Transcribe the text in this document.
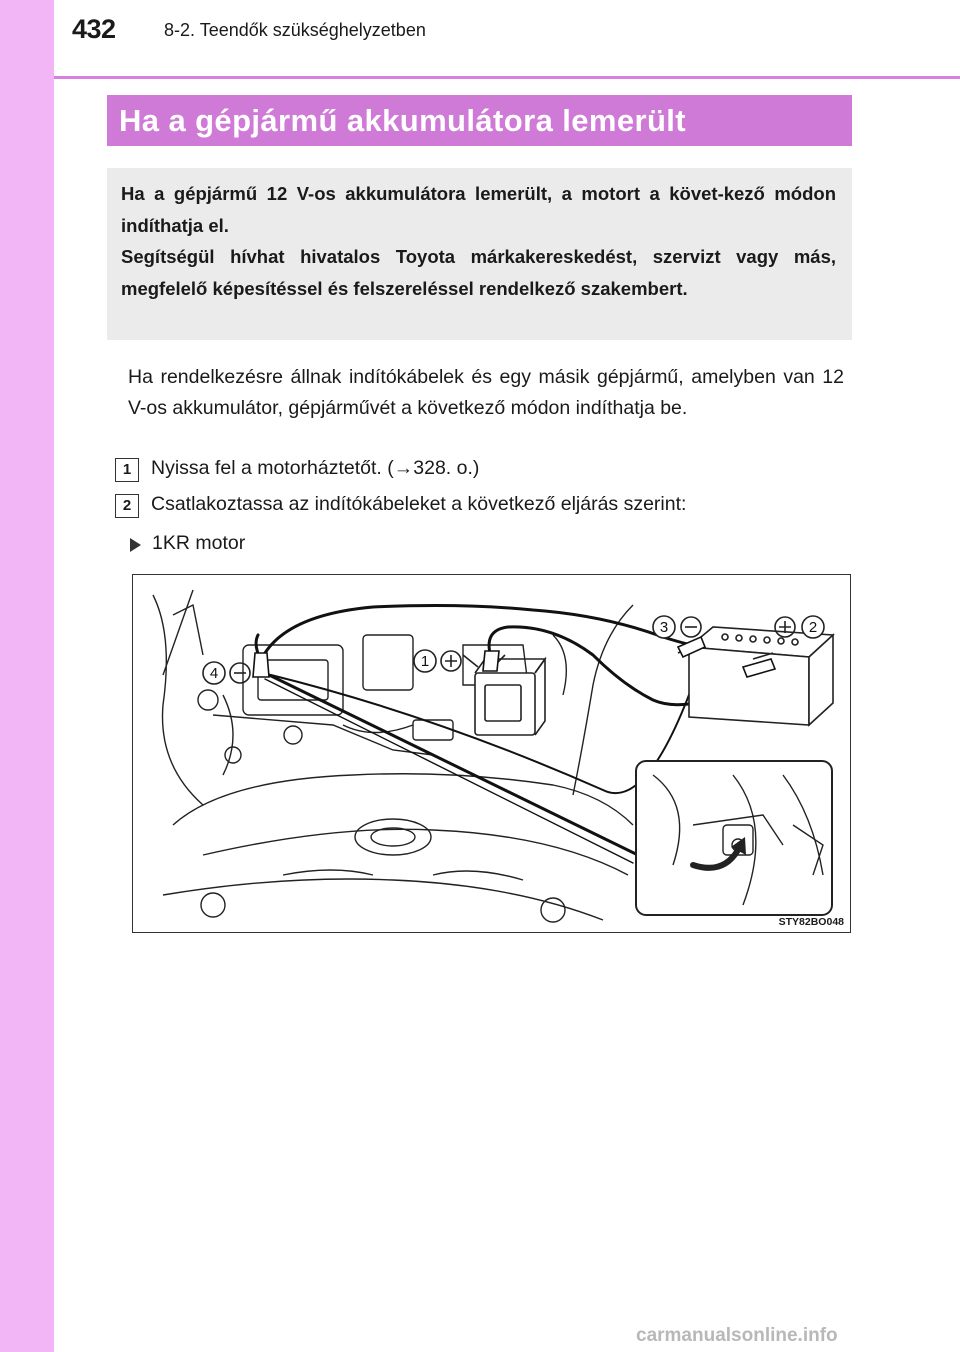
432	8-2. Teendők szükséghelyzetben
Ha a gépjármű akkumulátora lemerült

Ha a gépjármű 12 V-os akkumulátora lemerült, a motort a követ-kező módon indíthatja el.

Segítségül hívhat hivatalos Toyota márkakereskedést, szervizt vagy más, megfelelő képesítéssel és felszereléssel rendelkező szakembert.

Ha rendelkezésre állnak indítókábelek és egy másik gépjármű, amelyben van 12 V-os akkumulátor, gépjárművét a következő módon indíthatja be.

1	Nyissa fel a motorháztetőt. (→328. o.)
2	Csatlakoztassa az indítókábeleket a következő eljárás szerint:
1KR motor
4
1
3	2
STY82BO048
carmanualsonline.info
